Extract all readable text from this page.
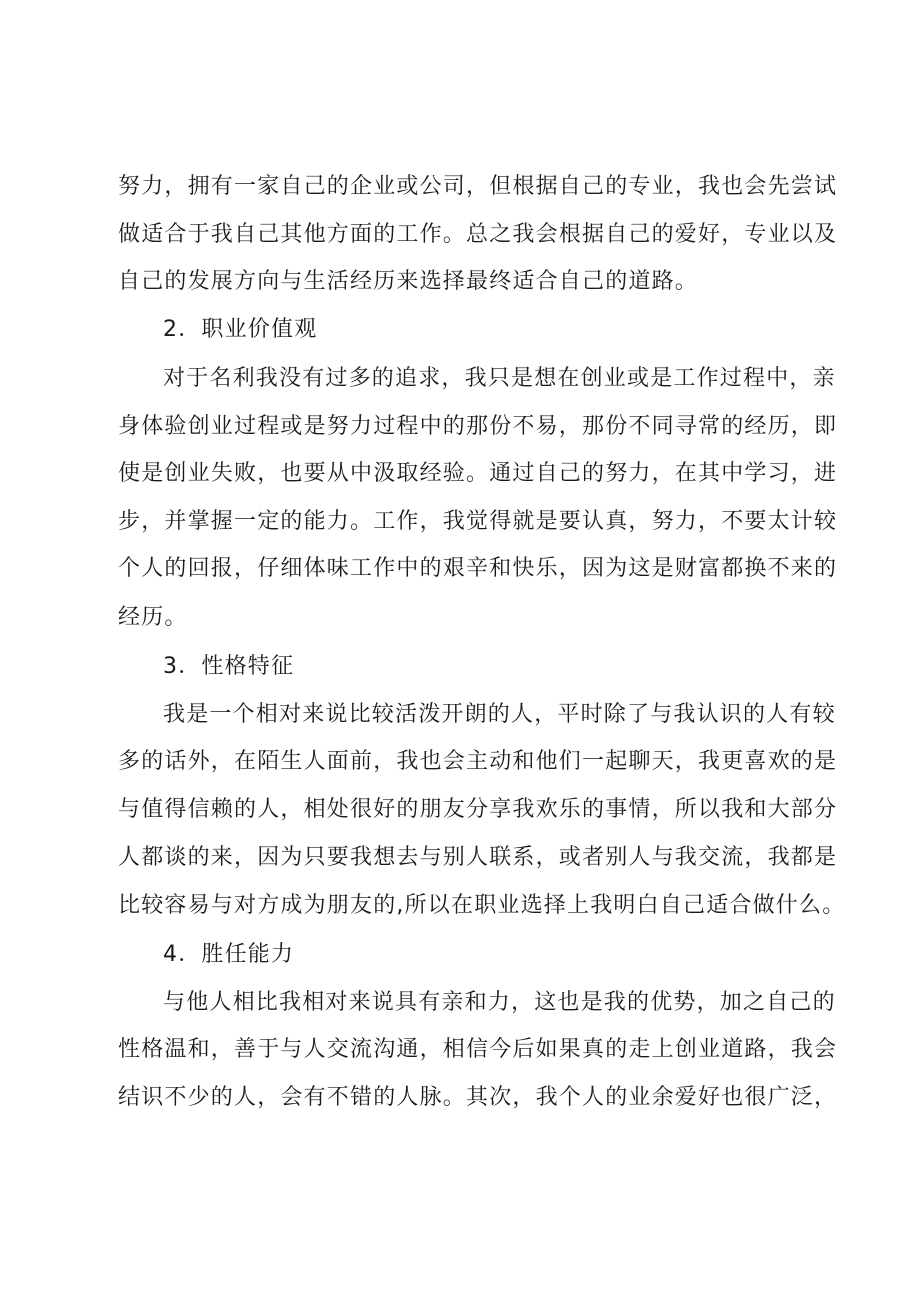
努力，拥有一家自己的企业或公司，但根据自己的专业，我也会先尝试
做适合于我自己其他方面的工作。总之我会根据自己的爱好，专业以及
自己的发展方向与生活经历来选择最终适合自己的道路。
2．职业价值观
对于名利我没有过多的追求，我只是想在创业或是工作过程中，亲
身体验创业过程或是努力过程中的那份不易，那份不同寻常的经历，即
使是创业失败，也要从中汲取经验。通过自己的努力，在其中学习，进
步，并掌握一定的能力。工作，我觉得就是要认真，努力，不要太计较
个人的回报，仔细体味工作中的艰辛和快乐，因为这是财富都换不来的
经历。
3．性格特征
我是一个相对来说比较活泼开朗的人，平时除了与我认识的人有较
多的话外，在陌生人面前，我也会主动和他们一起聊天，我更喜欢的是
与值得信赖的人，相处很好的朋友分享我欢乐的事情，所以我和大部分
人都谈的来，因为只要我想去与别人联系，或者别人与我交流，我都是
比较容易与对方成为朋友的,所以在职业选择上我明白自己适合做什么。
4．胜任能力
与他人相比我相对来说具有亲和力，这也是我的优势，加之自己的
性格温和，善于与人交流沟通，相信今后如果真的走上创业道路，我会
结识不少的人，会有不错的人脉。其次，我个人的业余爱好也很广泛，
